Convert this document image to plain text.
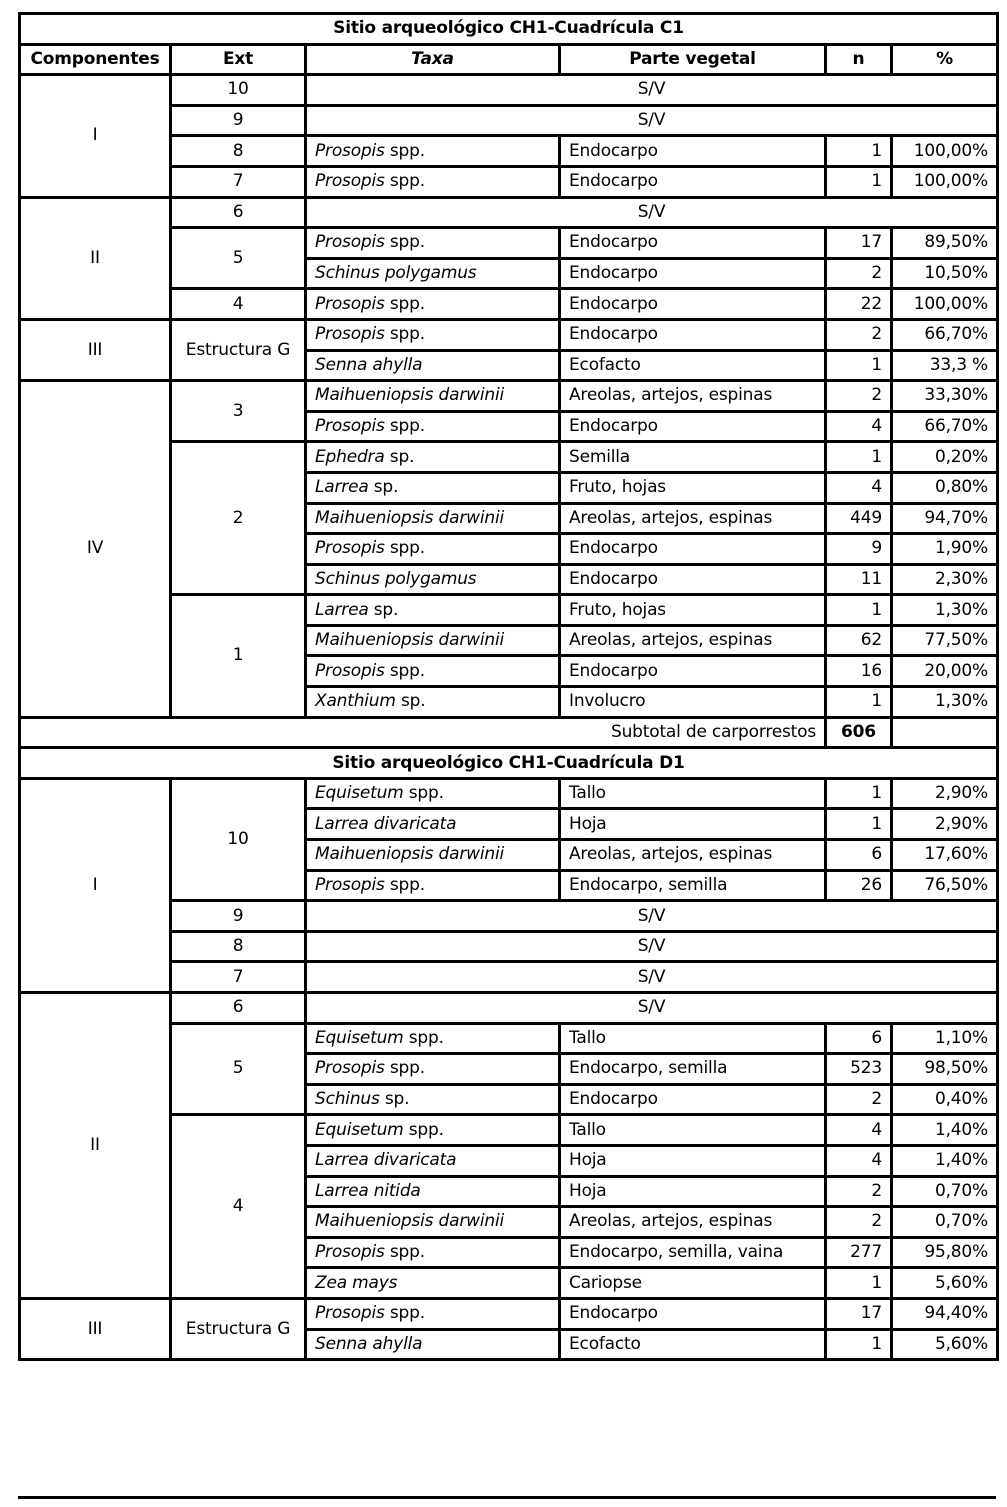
Sitio arqueológico CH1-Cuadrícula C1					
Componentes	Ext	Taxa	Parte vegetal	n	%
I	10	S/V			
	9	S/V			
	8	Prosopis spp.	Endocarpo	1	100,00%
	7	Prosopis spp.	Endocarpo	1	100,00%
II	6	S/V			
	5	Prosopis spp.	Endocarpo	17	89,50%
		Schinus polygamus	Endocarpo	2	10,50%
	4	Prosopis spp.	Endocarpo	22	100,00%
III	Estructura G	Prosopis spp.	Endocarpo	2	66,70%
		Senna ahylla	Ecofacto	1	33,3 %
IV	3	Maihueniopsis darwinii	Areolas, artejos, espinas	2	33,30%
		Prosopis spp.	Endocarpo	4	66,70%
	2	Ephedra sp.	Semilla	1	0,20%
		Larrea sp.	Fruto, hojas	4	0,80%
		Maihueniopsis darwinii	Areolas, artejos, espinas	449	94,70%
		Prosopis spp.	Endocarpo	9	1,90%
		Schinus polygamus	Endocarpo	11	2,30%
	1	Larrea sp.	Fruto, hojas	1	1,30%
		Maihueniopsis darwinii	Areolas, artejos, espinas	62	77,50%
		Prosopis spp.	Endocarpo	16	20,00%
		Xanthium sp.	Involucro	1	1,30%
Subtotal de carporrestos				606	
Sitio arqueológico CH1-Cuadrícula D1					
I	10	Equisetum spp.	Tallo	1	2,90%
		Larrea divaricata	Hoja	1	2,90%
		Maihueniopsis darwinii	Areolas, artejos, espinas	6	17,60%
		Prosopis spp.	Endocarpo, semilla	26	76,50%
	9	S/V			
	8	S/V			
	7	S/V			
II	6	S/V			
	5	Equisetum spp.	Tallo	6	1,10%
		Prosopis spp.	Endocarpo, semilla	523	98,50%
		Schinus sp.	Endocarpo	2	0,40%
	4	Equisetum spp.	Tallo	4	1,40%
		Larrea divaricata	Hoja	4	1,40%
		Larrea nitida	Hoja	2	0,70%
		Maihueniopsis darwinii	Areolas, artejos, espinas	2	0,70%
		Prosopis spp.	Endocarpo, semilla, vaina	277	95,80%
		Zea mays	Cariopse	1	5,60%
III	Estructura G	Prosopis spp.	Endocarpo	17	94,40%
		Senna ahylla	Ecofacto	1	5,60%
